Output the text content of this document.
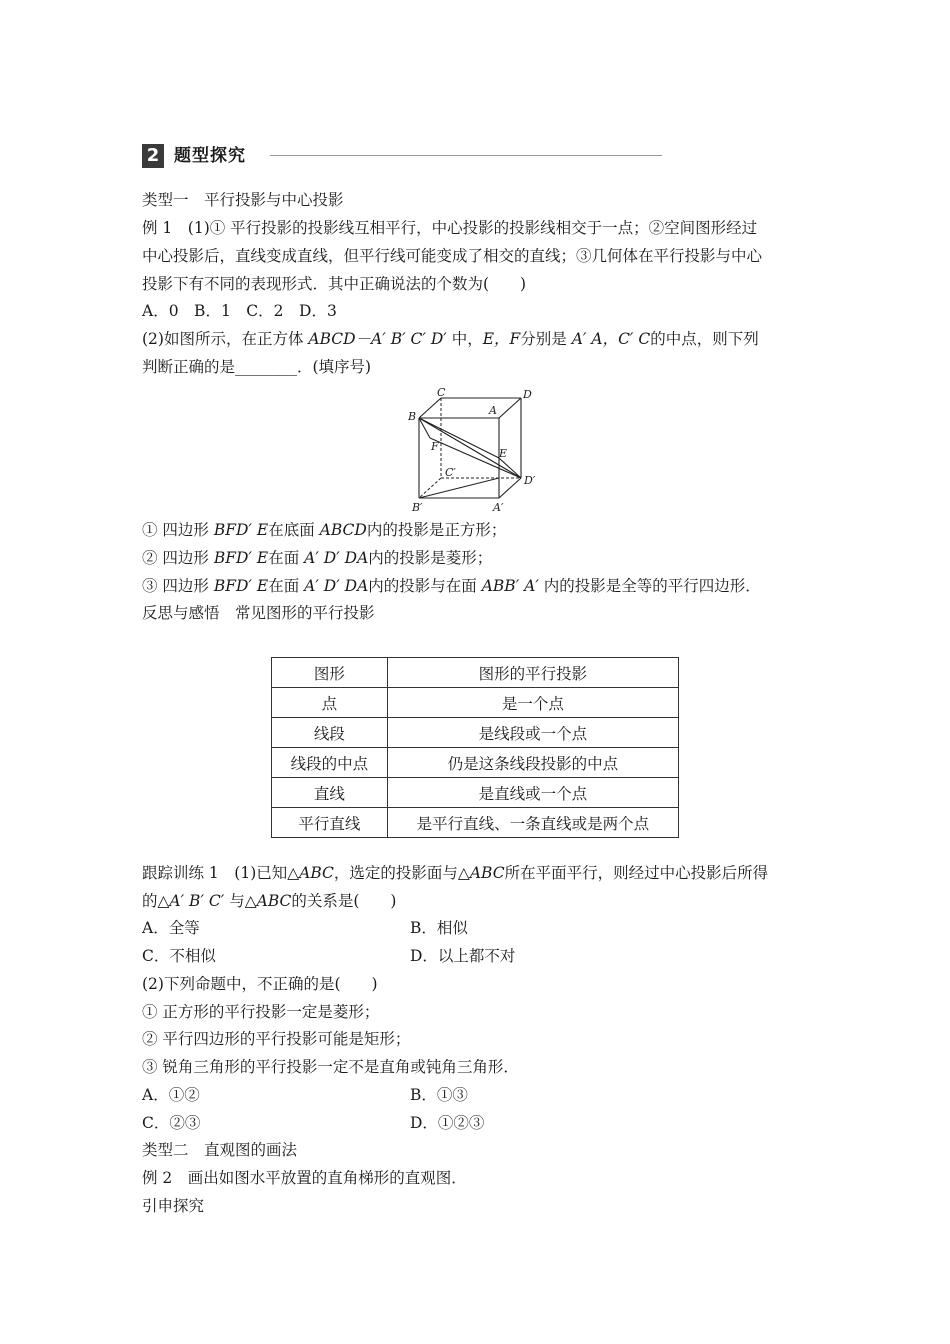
2 题型探究
类型一　平行投影与中心投影
例 1　(1)① 平行投影的投影线互相平行，中心投影的投影线相交于一点；②空间图形经过
中心投影后，直线变成直线，但平行线可能变成了相交的直线；③几何体在平行投影与中心
投影下有不同的表现形式．其中正确说法的个数为(　　)
A．0　B．1　C．2　D．3
(2)如图所示，在正方体 ABCD－A′ B′ C′ D′ 中，E，F分别是 A′ A，C′ C的中点，则下列
判断正确的是________．(填序号)
B
C	D
A
F
E
C′
D′
B′	A′
① 四边形 BFD′ E在底面 ABCD内的投影是正方形；
② 四边形 BFD′ E在面 A′ D′ DA内的投影是菱形；
③ 四边形 BFD′ E在面 A′ D′ DA内的投影与在面 ABB′ A′ 内的投影是全等的平行四边形．
反思与感悟　常见图形的平行投影
图形	图形的平行投影
点	是一个点
线段	是线段或一个点
线段的中点	仍是这条线段投影的中点
直线	是直线或一个点
平行直线	是平行直线、一条直线或是两个点
跟踪训练 1　(1)已知△ABC，选定的投影面与△ABC所在平面平行，则经过中心投影后所得
的△A′ B′ C′ 与△ABC的关系是(　　)
A．全等	B．相似
C．不相似	D．以上都不对
(2)下列命题中，不正确的是(　　)
① 正方形的平行投影一定是菱形；
② 平行四边形的平行投影可能是矩形；
③ 锐角三角形的平行投影一定不是直角或钝角三角形．
A．①②	B．①③
C．②③	D．①②③
类型二　直观图的画法
例 2　画出如图水平放置的直角梯形的直观图．
引申探究
